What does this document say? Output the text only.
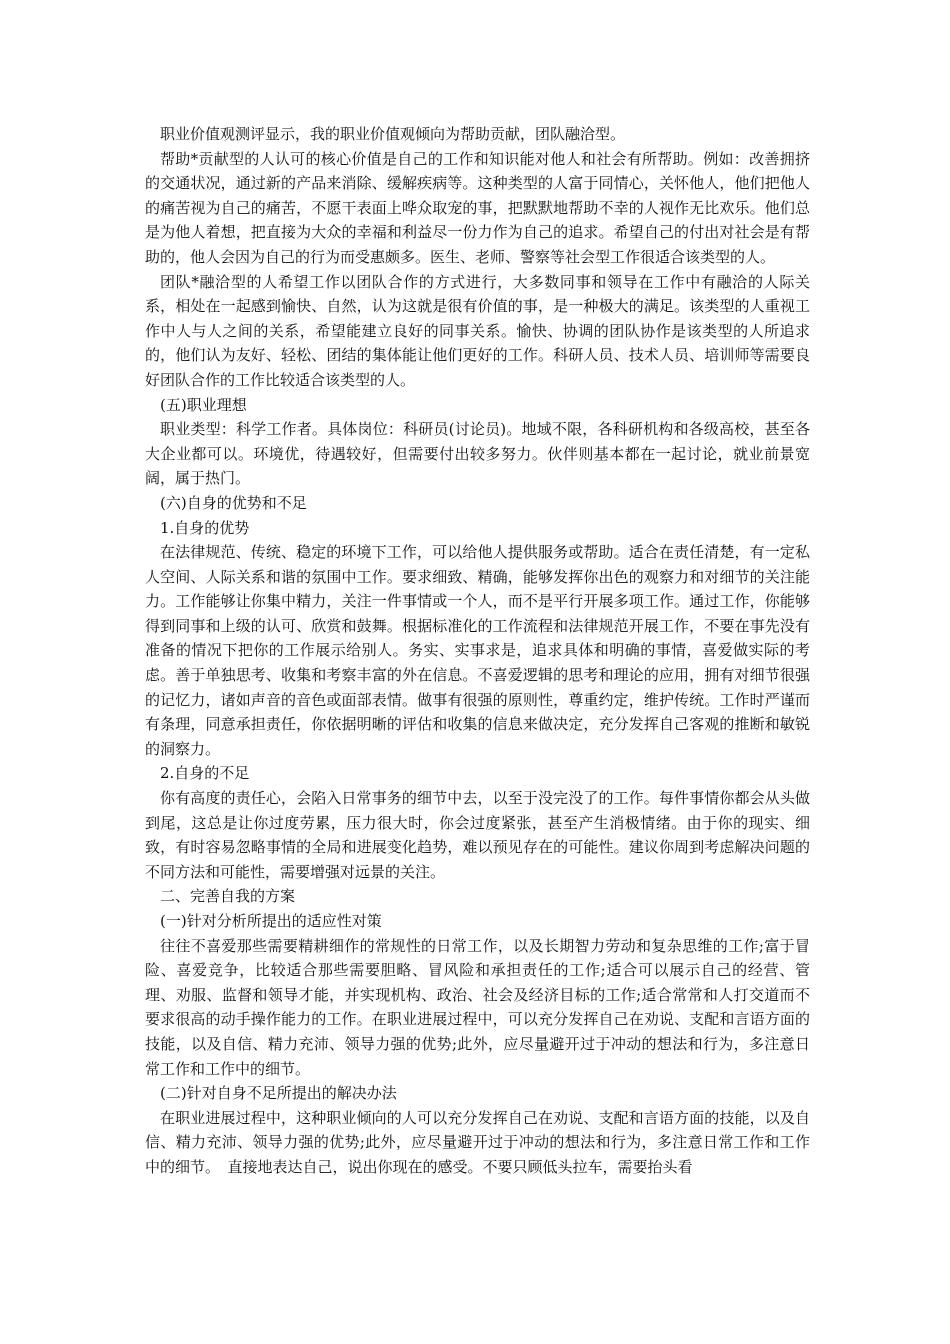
职业价值观测评显示，我的职业价值观倾向为帮助贡献，团队融洽型。

帮助*贡献型的人认可的核心价值是自己的工作和知识能对他人和社会有所帮助。例如：改善拥挤的交通状况，通过新的产品来消除、缓解疾病等。这种类型的人富于同情心，关怀他人，他们把他人的痛苦视为自己的痛苦，不愿干表面上哗众取宠的事，把默默地帮助不幸的人视作无比欢乐。他们总是为他人着想，把直接为大众的幸福和利益尽一份力作为自己的追求。希望自己的付出对社会是有帮助的，他人会因为自己的行为而受惠颇多。医生、老师、警察等社会型工作很适合该类型的人。

团队*融洽型的人希望工作以团队合作的方式进行，大多数同事和领导在工作中有融洽的人际关系，相处在一起感到愉快、自然，认为这就是很有价值的事，是一种极大的满足。该类型的人重视工作中人与人之间的关系，希望能建立良好的同事关系。愉快、协调的团队协作是该类型的人所追求的，他们认为友好、轻松、团结的集体能让他们更好的工作。科研人员、技术人员、培训师等需要良好团队合作的工作比较适合该类型的人。

(五)职业理想

职业类型：科学工作者。具体岗位：科研员(讨论员)。地域不限，各科研机构和各级高校，甚至各大企业都可以。环境优，待遇较好，但需要付出较多努力。伙伴则基本都在一起讨论，就业前景宽阔，属于热门。

(六)自身的优势和不足

1.自身的优势

在法律规范、传统、稳定的环境下工作，可以给他人提供服务或帮助。适合在责任清楚，有一定私人空间、人际关系和谐的氛围中工作。要求细致、精确，能够发挥你出色的观察力和对细节的关注能力。工作能够让你集中精力，关注一件事情或一个人，而不是平行开展多项工作。通过工作，你能够得到同事和上级的认可、欣赏和鼓舞。根据标准化的工作流程和法律规范开展工作，不要在事先没有准备的情况下把你的工作展示给别人。务实、实事求是，追求具体和明确的事情，喜爱做实际的考虑。善于单独思考、收集和考察丰富的外在信息。不喜爱逻辑的思考和理论的应用，拥有对细节很强的记忆力，诸如声音的音色或面部表情。做事有很强的原则性，尊重约定，维护传统。工作时严谨而有条理，同意承担责任，你依据明晰的评估和收集的信息来做决定，充分发挥自己客观的推断和敏锐的洞察力。

2.自身的不足

你有高度的责任心，会陷入日常事务的细节中去，以至于没完没了的工作。每件事情你都会从头做到尾，这总是让你过度劳累，压力很大时，你会过度紧张，甚至产生消极情绪。由于你的现实、细致，有时容易忽略事情的全局和进展变化趋势，难以预见存在的可能性。建议你周到考虑解决问题的不同方法和可能性，需要增强对远景的关注。

二、完善自我的方案

(一)针对分析所提出的适应性对策

往往不喜爱那些需要精耕细作的常规性的日常工作，以及长期智力劳动和复杂思维的工作;富于冒险、喜爱竞争，比较适合那些需要胆略、冒风险和承担责任的工作;适合可以展示自己的经营、管理、劝服、监督和领导才能，并实现机构、政治、社会及经济目标的工作;适合常常和人打交道而不要求很高的动手操作能力的工作。在职业进展过程中，可以充分发挥自己在劝说、支配和言语方面的技能，以及自信、精力充沛、领导力强的优势;此外，应尽量避开过于冲动的想法和行为，多注意日常工作和工作中的细节。

(二)针对自身不足所提出的解决办法

在职业进展过程中，这种职业倾向的人可以充分发挥自己在劝说、支配和言语方面的技能，以及自信、精力充沛、领导力强的优势;此外，应尽量避开过于冲动的想法和行为，多注意日常工作和工作中的细节。　直接地表达自己，说出你现在的感受。不要只顾低头拉车，需要抬头看
